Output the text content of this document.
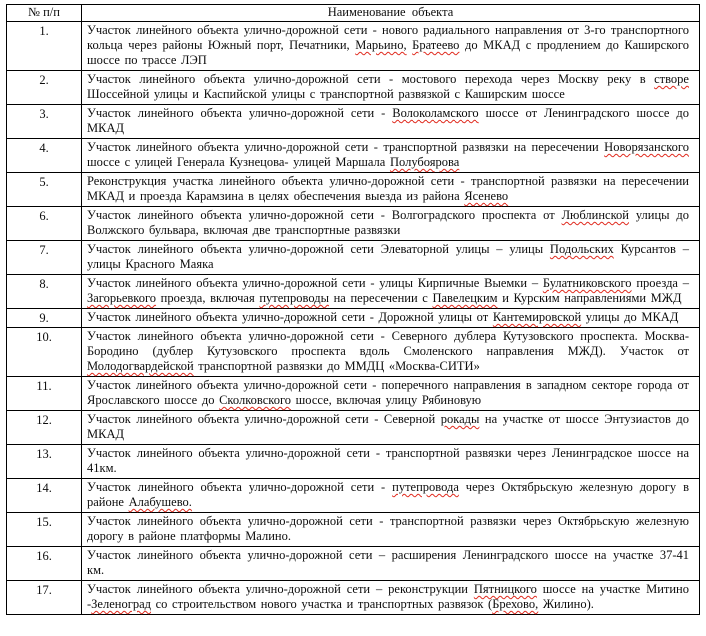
№ п/п	Наименование  объекта
1.	Участок линейного объекта улично-дорожной сети - нового радиального направления от 3-го транспортного кольца через районы Южный порт, Печатники, Марьино, Братеево до МКАД с продлением до Каширского шоссе по трассе ЛЭП
2.	Участок линейного объекта улично-дорожной сети - мостового перехода через Москву реку в створе Шоссейной улицы и Каспийской улицы с транспортной развязкой с Каширским шоссе
3.	Участок линейного объекта улично-дорожной сети - Волоколамского шоссе от Ленинградского шоссе до МКАД
4.	Участок линейного объекта улично-дорожной сети - транспортной развязки на пересечении Новорязанского шоссе с улицей Генерала Кузнецова- улицей Маршала Полубоярова
5.	Реконструкция участка линейного объекта улично-дорожной сети - транспортной развязки на пересечении МКАД и проезда Карамзина в целях обеспечения выезда из района Ясенево
6.	Участок линейного объекта улично-дорожной сети - Волгоградского проспекта от Люблинской улицы до Волжского бульвара, включая две транспортные развязки
7.	Участок линейного объекта улично-дорожной сети Элеваторной улицы – улицы Подольских Курсантов – улицы Красного Маяка
8.	Участок линейного объекта улично-дорожной сети - улицы Кирпичные Выемки – Булатниковского проезда – Загорьевкого проезда, включая путепроводы на пересечении с Павелецким и Курским направлениями МЖД
9.	Участок линейного объекта улично-дорожной сети - Дорожной улицы от Кантемировской улицы до МКАД
10.	Участок линейного объекта улично-дорожной сети - Северного дублера Кутузовского проспекта. Москва-Бородино (дублер Кутузовского проспекта вдоль Смоленского направления МЖД). Участок от Молодогвардейской транспортной развязки до ММДЦ «Москва-СИТИ»
11.	Участок линейного объекта улично-дорожной сети - поперечного направления в западном секторе города от Ярославского шоссе до Сколковского шоссе, включая улицу Рябиновую
12.	Участок линейного объекта улично-дорожной сети - Северной рокады на участке от шоссе Энтузиастов до МКАД
13.	Участок линейного объекта улично-дорожной сети - транспортной развязки через Ленинградское шоссе на 41км.
14.	Участок линейного объекта улично-дорожной сети - путепровода через Октябрьскую железную дорогу в районе Алабушево.
15.	Участок линейного объекта улично-дорожной сети - транспортной развязки через Октябрьскую железную дорогу в районе платформы Малино.
16.	Участок линейного объекта улично-дорожной сети – расширения Ленинградского шоссе на участке 37-41 км.
17.	Участок линейного объекта улично-дорожной сети – реконструкции Пятницкого шоссе на участке Митино -Зеленоград со строительством нового участка и транспортных развязок (Брехово, Жилино).
